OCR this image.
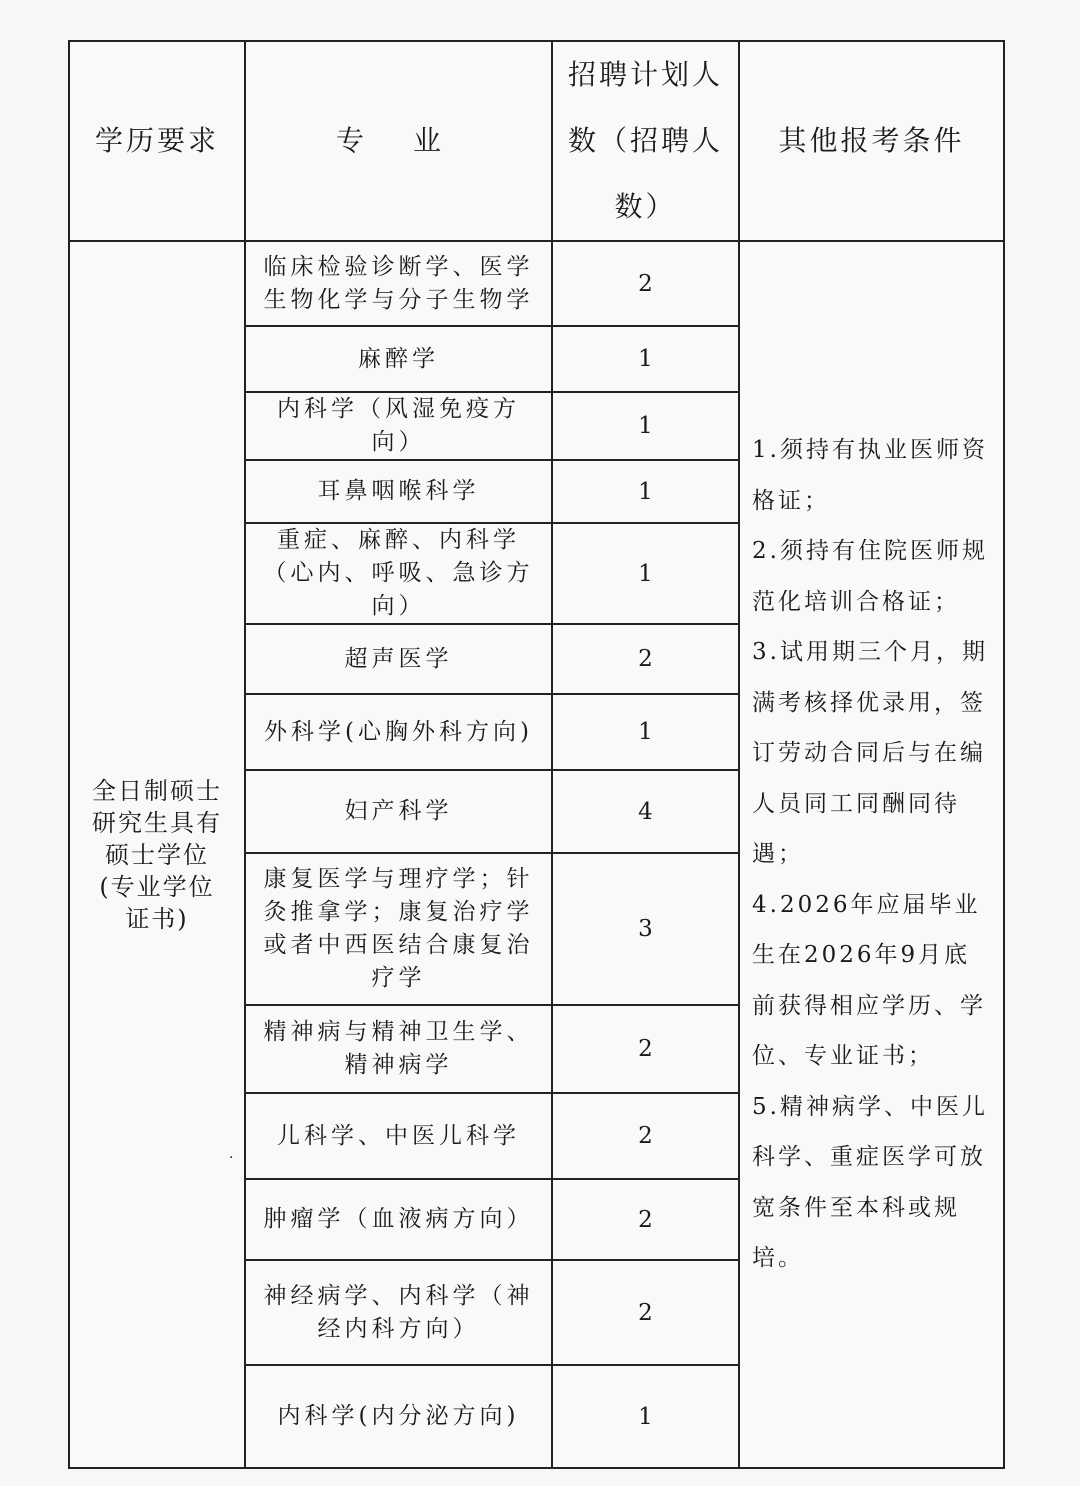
学历要求	专 业	招聘计划人数（招聘人数）	其他报考条件
全日制硕士研究生具有硕士学位(专业学位证书)	临床检验诊断学、医学生物化学与分子生物学	2	1.须持有执业医师资格证；
2.须持有住院医师规范化培训合格证；
3.试用期三个月，期满考核择优录用，签订劳动合同后与在编人员同工同酬同待遇；
4.2026年应届毕业生在2026年9月底前获得相应学历、学位、专业证书；
5.精神病学、中医儿科学、重症医学可放宽条件至本科或规培。

	麻醉学	1	
	内科学（风湿免疫方向）	1	
	耳鼻咽喉科学	1	
	重症、麻醉、内科学（心内、呼吸、急诊方向）	1	
	超声医学	2	
	外科学(心胸外科方向)	1	
	妇产科学	4	
	康复医学与理疗学；针灸推拿学；康复治疗学或者中西医结合康复治疗学	3	
	精神病与精神卫生学、精神病学	2	
	儿科学、中医儿科学	2	
	肿瘤学（血液病方向）	2	
	神经病学、内科学（神经内科方向）	2	
	内科学(内分泌方向)	1	
·
